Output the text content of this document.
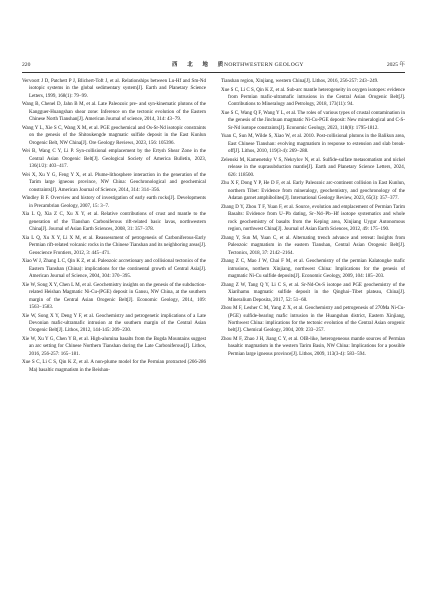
220	西 北 地 质
NORTHWESTERN GEOLOGY	2025 年

Vervoort J D, Patchett P J, Blichert-Toft J, et al. Relationships between Lu-Hf and Sm-Nd isotopic systems in the global sedimentary system[J]. Earth and Planetary Science Letters, 1999, 168(1): 79−99.

Wang B, Chenel D, Jahn B M, et al. Late Paleozoic pre- and syn-kinematic plutons of the Kangguer-Huangshan shear zone: Inference on the tectonic evolution of the Eastern Chinese North Tianshan[J]. American Journal of science, 2014, 314: 43−79.

Wang Y L, Xie S C, Wang X M, et al. PGE geochemical and Os-Sr-Nd isotopic constraints on the genesis of the Shitoukengde magmatic sulfide deposit in the East Kunlun Orogenic Belt, NW China[J]. Ore Geology Reviews, 2023, 156: 105396.

Wei B, Wang C Y, Li P. Syn-collisional emplacement by the Ertysh Shear Zone in the Central Asian Orogenic Belt[J]. Geological Society of America Bulletin, 2023, 136(1/2): 403−417.

Wei X, Xu Y G, Feng Y X, et al. Plume-lithosphere interaction in the generation of the Tarim large igneous province, NW China: Geochronological and geochemical constraints[J]. American Journal of Science, 2014, 314: 314−356.

Windley B F. Overview and history of investigation of early earth rocks[J]. Developments in Precambrian Geology, 2007, 15: 3−7.

Xia L Q, Xia Z C, Xu X Y, et al. Relative contributions of crust and mantle to the generation of the Tianshan Carboniferous rift-related basic lavas, northwestern China[J]. Journal of Asian Earth Sciences, 2008, 31: 357−378.

Xia L Q, Xu X Y, Li X M, et al. Reassessment of petrogenesis of Carboniferous-Early Permian rift-related volcanic rocks in the Chinese Tianshan and its neighboring areas[J]. Geoscience Frontiers, 2012, 3: 445−471.

Xiao W J, Zhang L C, Qin K Z, et al. Paleozoic accretionary and collisional tectonics of the Eastern Tianshan (China): implications for the continental growth of Central Asia[J]. American Journal of Science, 2004, 304: 370−395.

Xie W, Song X Y, Chen L M, et al. Geochemistry insights on the genesis of the subduction- related Heishan Magmatic Ni-Cu-(PGE) deposit in Gansu, NW China, at the southern margin of the Central Asian Orogenic Belt[J]. Economic Geology, 2014, 109: 1563−1583.

Xie W, Song X Y, Deng Y F, et al. Geochemistry and petrogenetic implications of a Late Devonian mafic-ultramafic intrusion at the southern margin of the Central Asian Orogenic Belt[J]. Lithos, 2012, 144-145: 209−230.

Xie W, Xu Y G, Chen Y B, et al. High-alumina basalts from the Bogda Mountains suggest an arc setting for Chinese Northern Tianshan during the Late Carboniferous[J]. Lithos, 2016, 256-257: 165−181.

Xue S C, Li C S, Qin K Z, et al. A non-plume model for the Permian protracted (266-286 Ma) basaltic magmatism in the Beishan-

Tianshan region, Xinjiang, western China[J]. Lithos, 2016, 256-257: 243−249.

Xue S C, Li C S, Qin K Z, et al. Sub-arc mantle heterogeneity in oxygen isotopes: evidence from Permian mafic-ultramafic intrusions in the Central Asian Orogenic Belt[J]. Contributions to Mineralogy and Petrology, 2018, 173(11): 94.

Xue S C, Wang Q F, Wang Y L, et al. The roles of various types of crustal contamination in the genesis of the Jinchuan magmatic Ni-Cu-PGE deposit: New mineralogical and C-S-Sr-Nd isotope constraints[J]. Economic Geology, 2023, 118(8): 1795-1812.

Yuan C, Sun M, Wilde S, Xiao W, et al. 2010. Post-collisional plutons in the Balikun area, East Chinese Tianshan: evolving magmatism in response to extension and slab break-off[J]. Lithos, 2010, 119(3-4): 269−288.

Zelenski M, Kamenetsky V S, Nekrylov N, et al. Sulfide-sulfate metasomatism and nickel release in the suprasubduction mantle[J]. Earth and Planetary Science Letters, 2024, 626: 118500.

Zhu X F, Dong Y P, He D F, et al. Early Paleozoic arc-continent collision in East Kunlun, northern Tibet: Evidence from mineralogy, geochemistry, and geochronology of the Adatan garnet amphibolites[J]. International Geology Review, 2023, 65(3): 357−377.

Zhang D Y, Zhou T F, Yuan F, et al. Source, evolution and emplacement of Permian Tarim Basalts: Evidence from U−Pb dating, Sr−Nd−Pb−Hf isotope systematics and whole rock geochemistry of basalts from the Keping area, Xinjiang Uygur Autonomous region, northwest China[J]. Journal of Asian Earth Sciences, 2012, 49: 175−190.

Zhang Y, Sun M, Yuan C, et al. Alternating trench advance and retreat: Insights from Paleozoic magmatism in the eastern Tianshan, Central Asian Orogenic Belt[J]. Tectonics, 2018, 37: 2142−2164.

Zhang Z C, Mao J W, Chai F M, et al. Geochemistry of the permian Kalatongke mafic intrusions, northern Xinjiang, northwest China: Implications for the genesis of magmatic Ni-Cu sulfide deposits[J]. Economic Geology, 2009, 104: 185−203.

Zhang Z W, Tang Q Y, Li C S, et al. Sr-Nd-Os-S isotope and PGE geochemistry of the Xiarihamu magmatic sulfide deposit in the Qinghai−Tibet plateau, China[J]. Mineralium Deposita, 2017, 52: 51−68.

Zhou M F, Lesher C M, Yang Z X, et al. Geochemistry and petrogenesis of 270Ma Ni-Cu-(PGE) sulfide-bearing mafic intrusion in the Huangshan district, Eastern Xinjiang, Northwest China: implications for the tectonic evolution of the Central Asian orogenic belt[J]. Chemical Geology, 2004, 209: 233−257.

Zhou M F, Zhao J H, Jiang C Y, et al. OIB-like, heterogeneous mantle sources of Permian basaltic magmatism in the western Tarim Basin, NW China: Implications for a possible Permian large igneous province[J]. Lithos, 2009, 113(3-4): 583−594.
